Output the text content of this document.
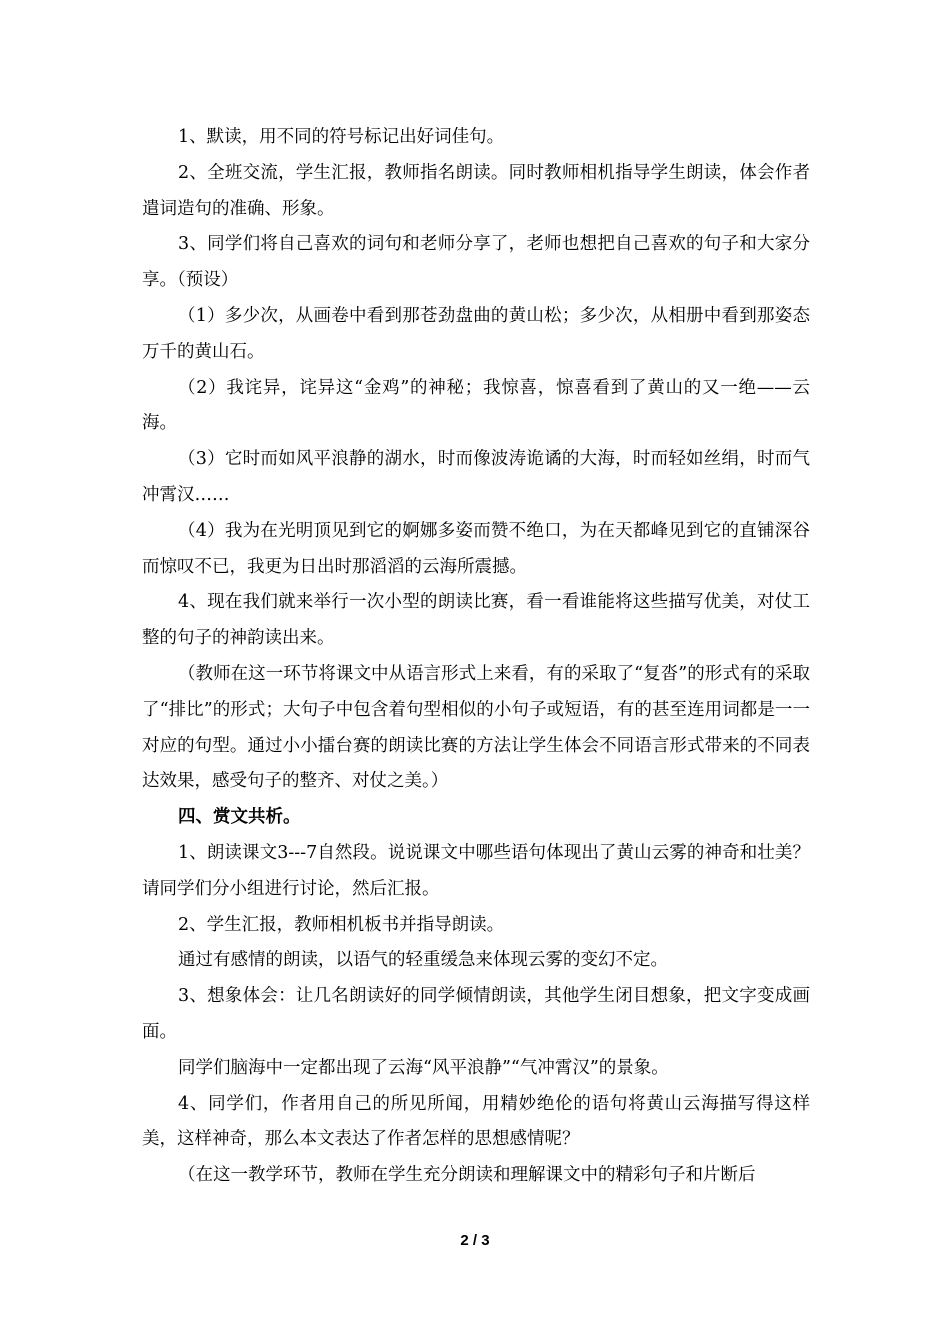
1、默读，用不同的符号标记出好词佳句。

2、全班交流，学生汇报，教师指名朗读。同时教师相机指导学生朗读，体会作者遣词造句的准确、形象。

3、同学们将自己喜欢的词句和老师分享了，老师也想把自己喜欢的句子和大家分享。（预设）

（1）多少次，从画卷中看到那苍劲盘曲的黄山松；多少次，从相册中看到那姿态万千的黄山石。

（2）我诧异，诧异这“金鸡”的神秘；我惊喜，惊喜看到了黄山的又一绝——云海。

（3）它时而如风平浪静的湖水，时而像波涛诡谲的大海，时而轻如丝绢，时而气冲霄汉……

（4）我为在光明顶见到它的婀娜多姿而赞不绝口，为在天都峰见到它的直铺深谷而惊叹不已，我更为日出时那滔滔的云海所震撼。

4、现在我们就来举行一次小型的朗读比赛，看一看谁能将这些描写优美，对仗工整的句子的神韵读出来。

（教师在这一环节将课文中从语言形式上来看，有的采取了“复沓”的形式有的采取了“排比”的形式；大句子中包含着句型相似的小句子或短语，有的甚至连用词都是一一对应的句型。通过小小擂台赛的朗读比赛的方法让学生体会不同语言形式带来的不同表达效果，感受句子的整齐、对仗之美。）

四、赏文共析。

1、朗读课文3---7自然段。说说课文中哪些语句体现出了黄山云雾的神奇和壮美？请同学们分小组进行讨论，然后汇报。

2、学生汇报，教师相机板书并指导朗读。

通过有感情的朗读，以语气的轻重缓急来体现云雾的变幻不定。

3、想象体会：让几名朗读好的同学倾情朗读，其他学生闭目想象，把文字变成画面。

同学们脑海中一定都出现了云海“风平浪静”“气冲霄汉”的景象。

4、同学们，作者用自己的所见所闻，用精妙绝伦的语句将黄山云海描写得这样美，这样神奇，那么本文表达了作者怎样的思想感情呢？

（在这一教学环节，教师在学生充分朗读和理解课文中的精彩句子和片断后

2 / 3
